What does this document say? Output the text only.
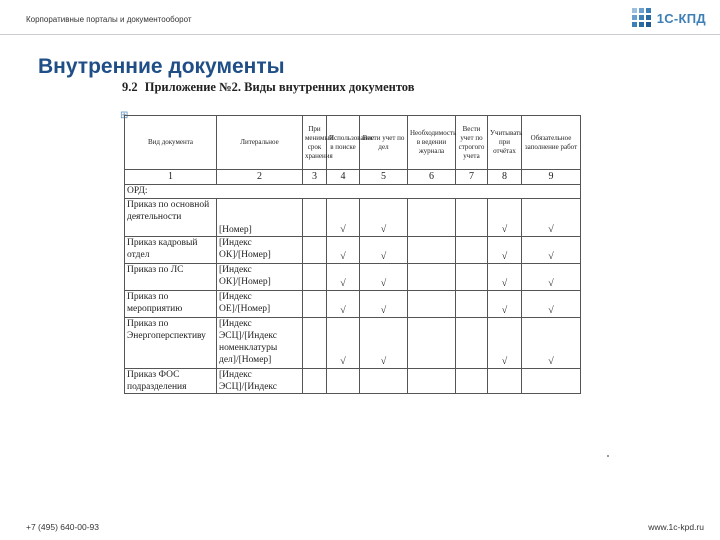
Корпоративные порталы и документооборот	1С-КПД
Внутренние документы
9.2 Приложение №2. Виды внутренних документов
⊞
Вид документа	Литеральное	При менимый срок хранения	Использование в поиске	Вести учет по дел	Необходимость в ведении журнала	Вести учет по строгого учета	Учитывать при отчётах	Обязательное заполнение работ
1	2	3	4	5	6	7	8	9
ОРД:								
Приказ по основной деятельности	[Номер]		√	√			√	√
Приказ кадровый отдел	[Индекс ОК]/[Номер]		√	√			√	√
Приказ по ЛС	[Индекс ОК]/[Номер]		√	√			√	√
Приказ по мероприятию	[Индекс ОЕ]/[Номер]		√	√			√	√
Приказ по Энергоперспективу	[Индекс ЭСЦ]/[Индекс номенклатуры дел]/[Номер]		√	√			√	√
Приказ ФОС подразделения	[Индекс ЭСЦ]/[Индекс							
+7 (495) 640-00-93	www.1c-kpd.ru
